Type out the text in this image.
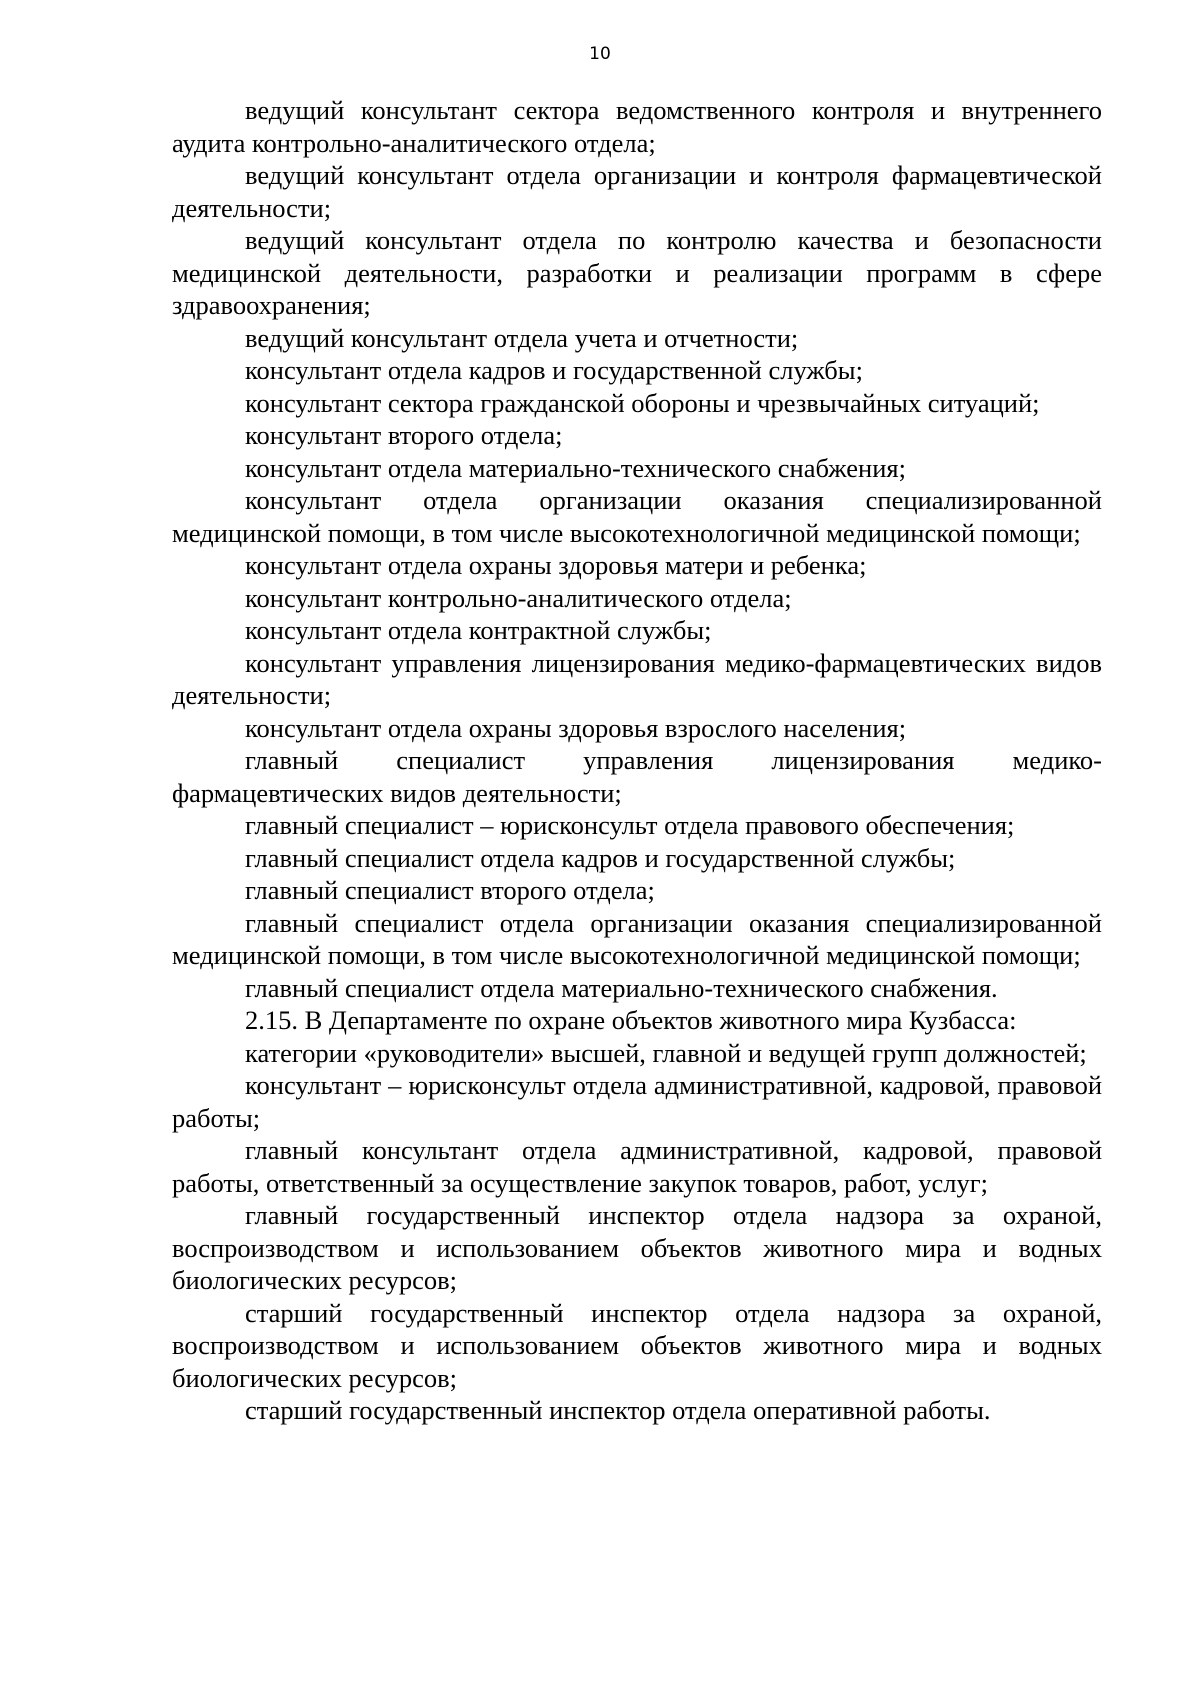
10

ведущий консультант сектора ведомственного контроля и внутреннего аудита контрольно-аналитического отдела;

ведущий консультант отдела организации и контроля фармацевтической деятельности;

ведущий консультант отдела по контролю качества и безопасности медицинской деятельности, разработки и реализации программ в сфере здравоохранения;

ведущий консультант отдела учета и отчетности;

консультант отдела кадров и государственной службы;

консультант сектора гражданской обороны и чрезвычайных ситуаций;

консультант второго отдела;

консультант отдела материально-технического снабжения;

консультант отдела организации оказания специализированной медицинской помощи, в том числе высокотехнологичной медицинской помощи;

консультант отдела охраны здоровья матери и ребенка;

консультант контрольно-аналитического отдела;

консультант отдела контрактной службы;

консультант управления лицензирования медико-фармацевтических видов деятельности;

консультант отдела охраны здоровья взрослого населения;

главный специалист управления лицензирования медико-фармацевтических видов деятельности;

главный специалист – юрисконсульт отдела правового обеспечения;

главный специалист отдела кадров и государственной службы;

главный специалист второго отдела;

главный специалист отдела организации оказания специализированной медицинской помощи, в том числе высокотехнологичной медицинской помощи;

главный специалист отдела материально-технического снабжения.

2.15. В Департаменте по охране объектов животного мира Кузбасса:

категории «руководители» высшей, главной и ведущей групп должностей;

консультант – юрисконсульт отдела административной, кадровой, правовой работы;

главный консультант отдела административной, кадровой, правовой работы, ответственный за осуществление закупок товаров, работ, услуг;

главный государственный инспектор отдела надзора за охраной, воспроизводством и использованием объектов животного мира и водных биологических ресурсов;

старший государственный инспектор отдела надзора за охраной, воспроизводством и использованием объектов животного мира и водных биологических ресурсов;

старший государственный инспектор отдела оперативной работы.
